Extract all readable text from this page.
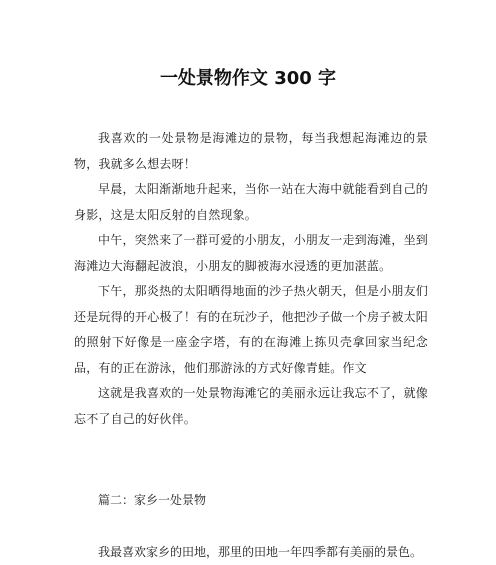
一处景物作文 300 字

我喜欢的一处景物是海滩边的景物，每当我想起海滩边的景物，我就多么想去呀！

早晨，太阳渐渐地升起来，当你一站在大海中就能看到自己的身影，这是太阳反射的自然现象。

中午，突然来了一群可爱的小朋友，小朋友一走到海滩，坐到海滩边大海翻起波浪，小朋友的脚被海水浸透的更加湛蓝。

下午，那炎热的太阳晒得地面的沙子热火朝天，但是小朋友们还是玩得的开心极了！有的在玩沙子，他把沙子做一个房子被太阳的照射下好像是一座金字塔，有的在海滩上拣贝壳拿回家当纪念品，有的正在游泳，他们那游泳的方式好像青蛙。作文

这就是我喜欢的一处景物海滩它的美丽永远让我忘不了，就像忘不了自己的好伙伴。

篇二：家乡一处景物

我最喜欢家乡的田地，那里的田地一年四季都有美丽的景色。
